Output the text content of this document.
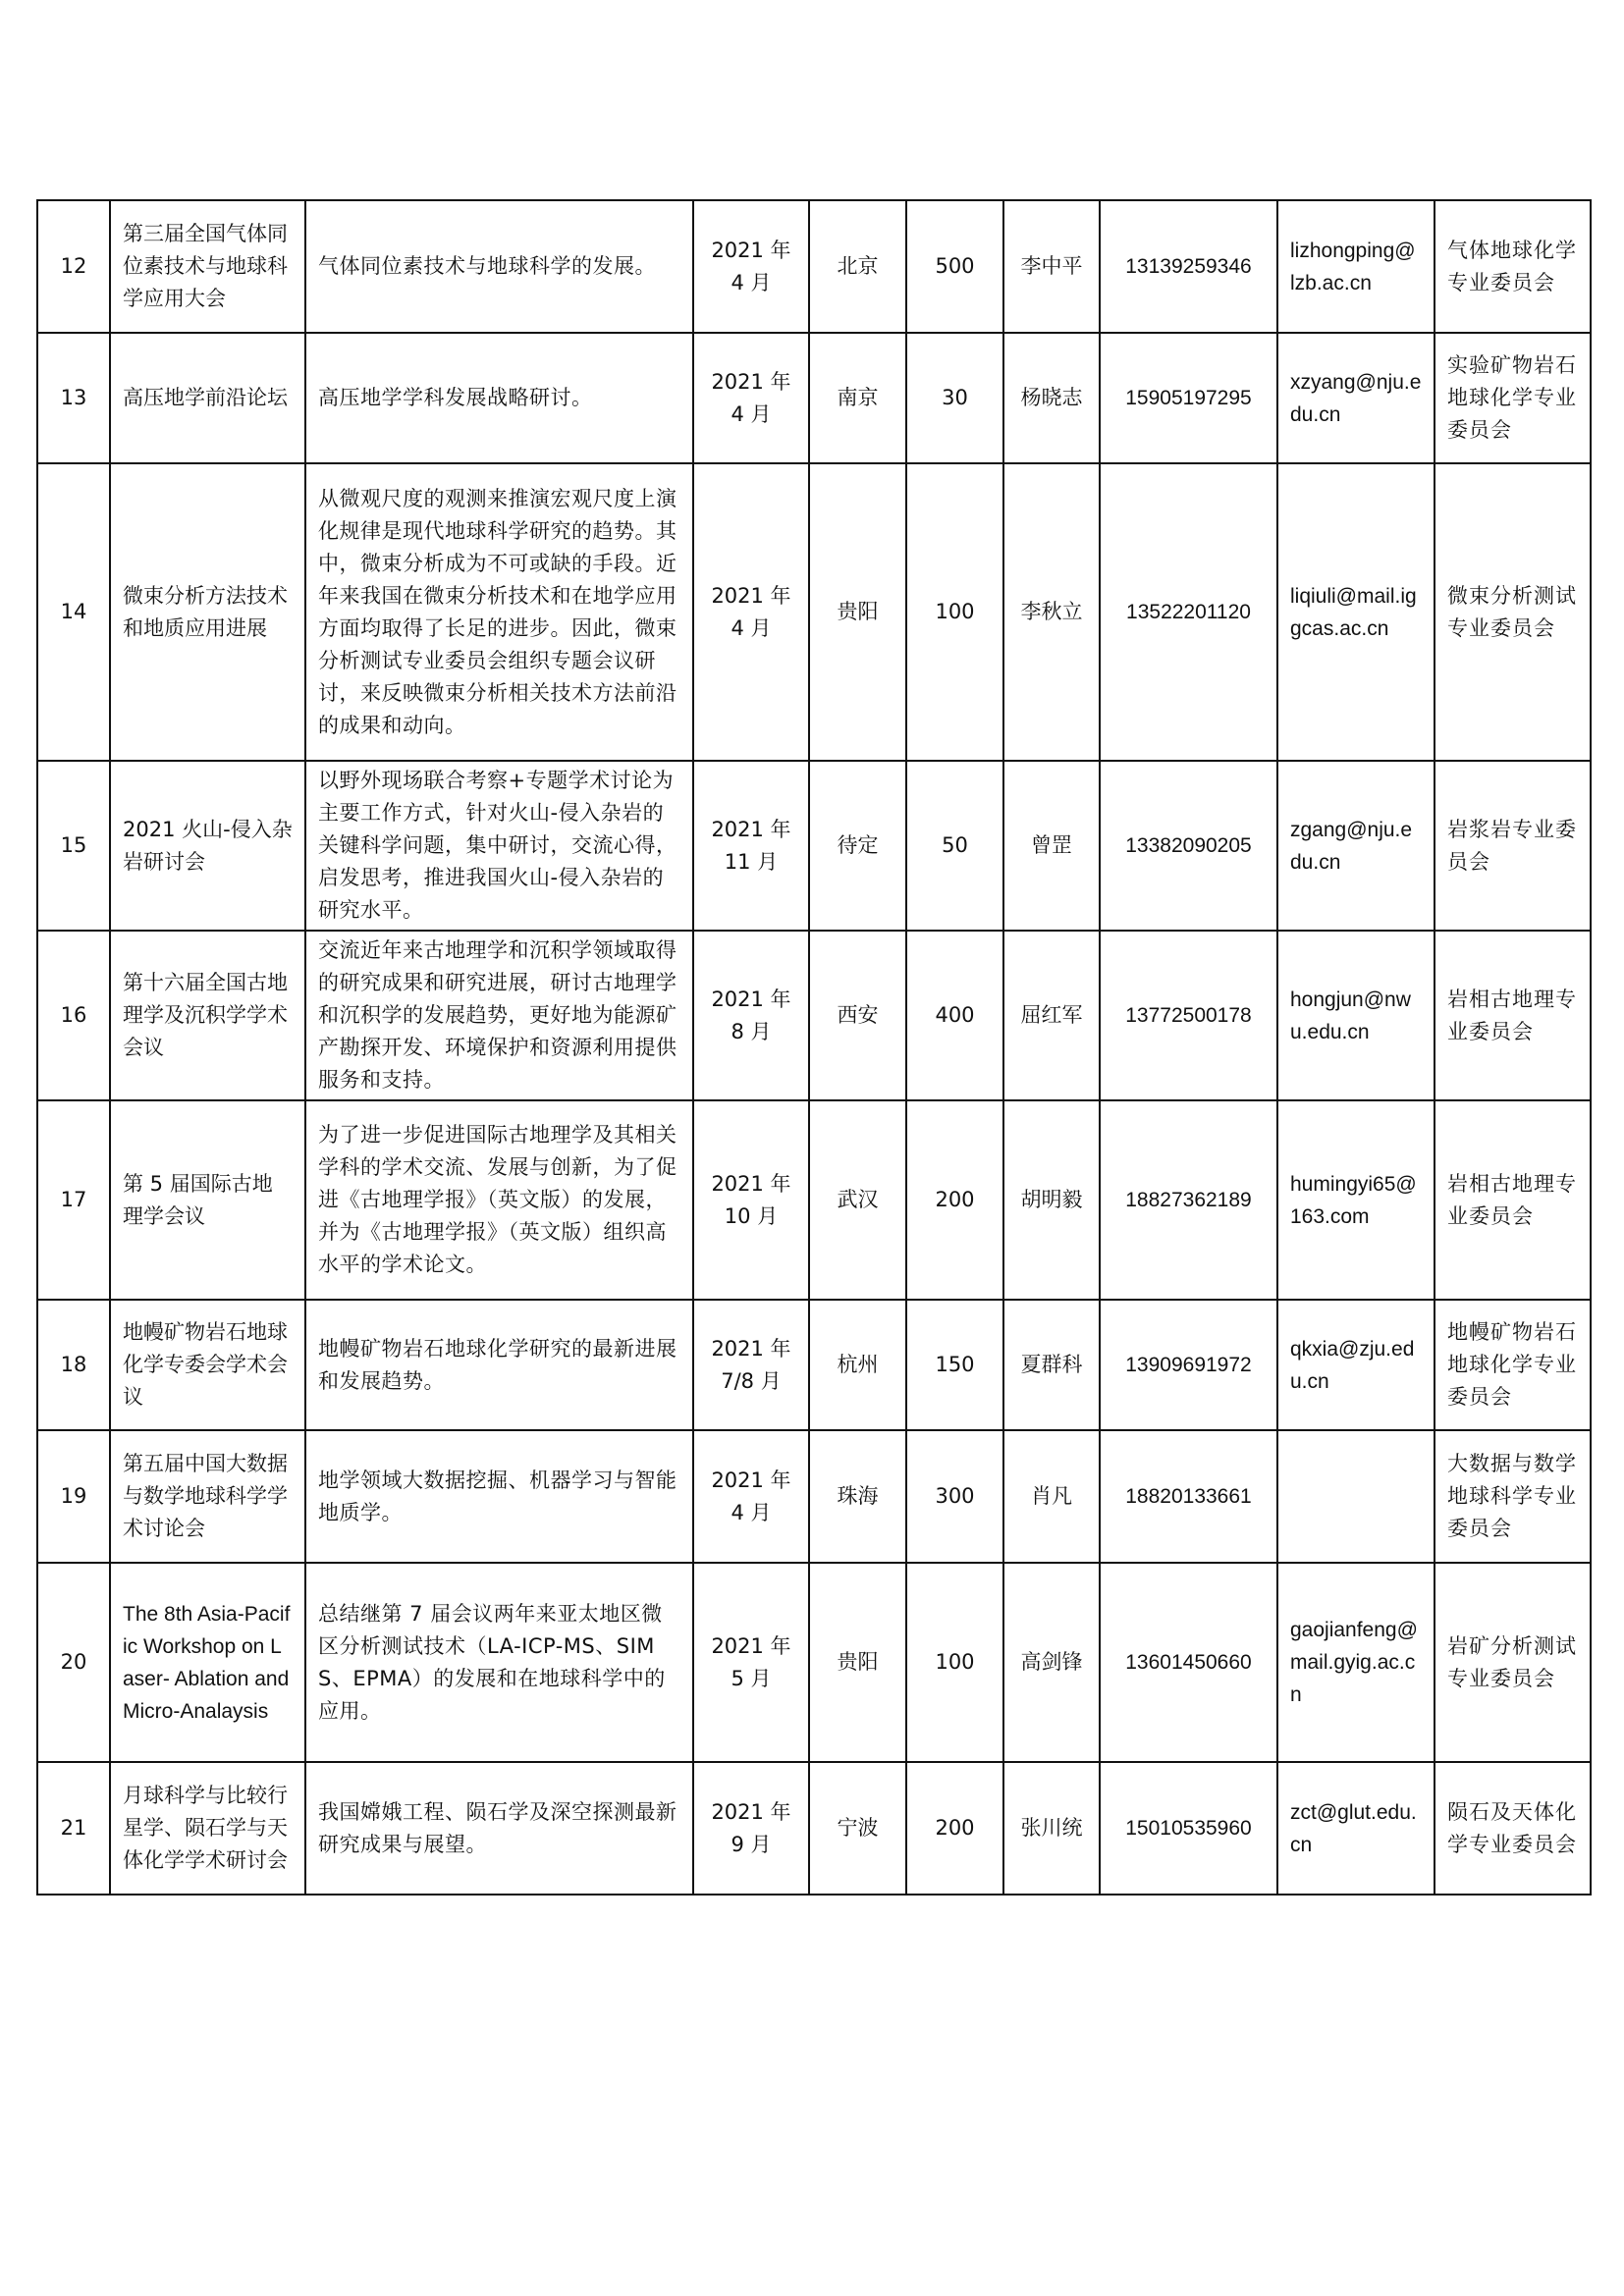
12	第三届全国气体同位素技术与地球科学应用大会	气体同位素技术与地球科学的发展。	2021 年 4 月	北京	500	李中平	13139259346	lizhongping@ lzb.ac.cn	气体地球化学专业委员会
13	高压地学前沿论坛	高压地学学科发展战略研讨。	2021 年 4 月	南京	30	杨晓志	15905197295	xzyang@nju.edu.cn	实验矿物岩石地球化学专业委员会
14	微束分析方法技术和地质应用进展	从微观尺度的观测来推演宏观尺度上演化规律是现代地球科学研究的趋势。其中，微束分析成为不可或缺的手段。近年来我国在微束分析技术和在地学应用方面均取得了长足的进步。因此，微束分析测试专业委员会组织专题会议研讨，来反映微束分析相关技术方法前沿的成果和动向。	2021 年 4 月	贵阳	100	李秋立	13522201120	liqiuli@mail.iggcas.ac.cn	微束分析测试专业委员会
15	2021 火山-侵入杂岩研讨会	以野外现场联合考察+专题学术讨论为主要工作方式，针对火山-侵入杂岩的关键科学问题，集中研讨，交流心得，启发思考，推进我国火山-侵入杂岩的研究水平。	2021 年 11 月	待定	50	曾罡	13382090205	zgang@nju.edu.cn	岩浆岩专业委员会
16	第十六届全国古地理学及沉积学学术会议	交流近年来古地理学和沉积学领域取得的研究成果和研究进展，研讨古地理学和沉积学的发展趋势，更好地为能源矿产勘探开发、环境保护和资源利用提供服务和支持。	2021 年 8 月	西安	400	屈红军	13772500178	hongjun@nwu.edu.cn	岩相古地理专业委员会
17	第 5 届国际古地理学会议	为了进一步促进国际古地理学及其相关学科的学术交流、发展与创新，为了促进《古地理学报》（英文版）的发展，并为《古地理学报》（英文版）组织高水平的学术论文。	2021 年 10 月	武汉	200	胡明毅	18827362189	humingyi65@163.com	岩相古地理专业委员会
18	地幔矿物岩石地球化学专委会学术会议	地幔矿物岩石地球化学研究的最新进展和发展趋势。	2021 年 7/8 月	杭州	150	夏群科	13909691972	qkxia@zju.edu.cn	地幔矿物岩石地球化学专业委员会
19	第五届中国大数据与数学地球科学学术讨论会	地学领域大数据挖掘、机器学习与智能地质学。	2021 年 4 月	珠海	300	肖凡	18820133661		大数据与数学地球科学专业委员会
20	The 8th Asia-Pacific Workshop on Laser- Ablation and Micro-Analaysis	总结继第 7 届会议两年来亚太地区微区分析测试技术（LA-ICP-MS、SIMS、EPMA）的发展和在地球科学中的应用。	2021 年 5 月	贵阳	100	高剑锋	13601450660	gaojianfeng@mail.gyig.ac.cn	岩矿分析测试专业委员会
21	月球科学与比较行星学、陨石学与天体化学学术研讨会	我国嫦娥工程、陨石学及深空探测最新研究成果与展望。	2021 年 9 月	宁波	200	张川统	15010535960	zct@glut.edu. cn	陨石及天体化学专业委员会
